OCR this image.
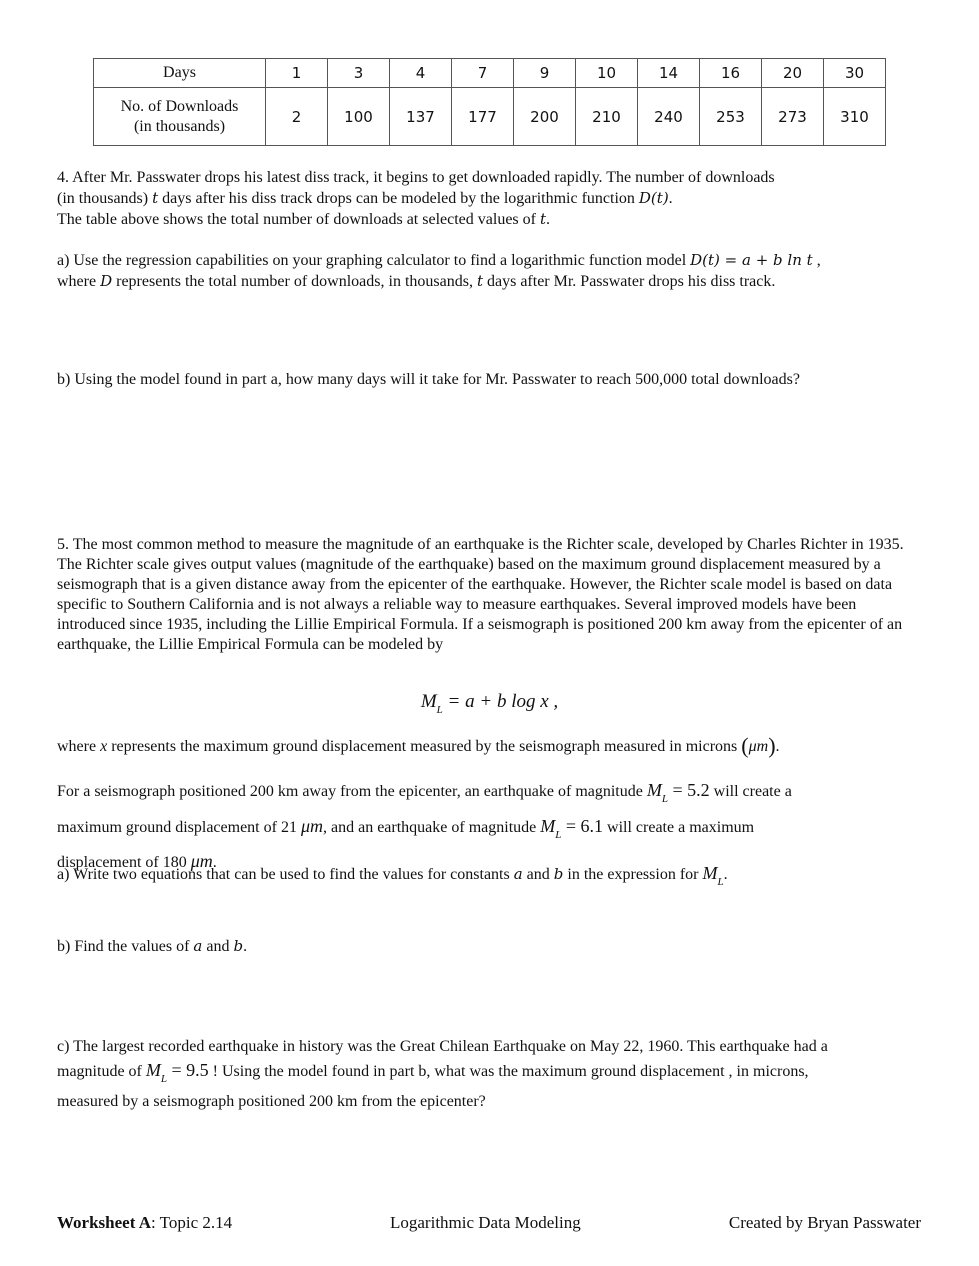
Days	1	3	4	7	9	10	14	16	20	30
No. of Downloads
(in thousands)	2	100	137	177	200	210	240	253	273	310
4. After Mr. Passwater drops his latest diss track, it begins to get downloaded rapidly. The number of downloads
(in thousands) t days after his diss track drops can be modeled by the logarithmic function D(t).
The table above shows the total number of downloads at selected values of t.
a) Use the regression capabilities on your graphing calculator to find a logarithmic function model D(t) = a + b ln t ,
where D represents the total number of downloads, in thousands, t days after Mr. Passwater drops his diss track.
b) Using the model found in part a, how many days will it take for Mr. Passwater to reach 500,000 total downloads?
5. The most common method to measure the magnitude of an earthquake is the Richter scale, developed by Charles Richter in 1935. The Richter scale gives output values (magnitude of the earthquake) based on the maximum ground displacement measured by a seismograph that is a given distance away from the epicenter of the earthquake. However, the Richter scale model is based on data specific to Southern California and is not always a reliable way to measure earthquakes. Several improved models have been introduced since 1935, including the Lillie Empirical Formula. If a seismograph is positioned 200 km away from the epicenter of an earthquake, the Lillie Empirical Formula can be modeled by
$M_L = a + b$ log x ,
where x represents the maximum ground displacement measured by the seismograph measured in microns (μm).
For a seismograph positioned 200 km away from the epicenter, an earthquake of magnitude $M_L = 5.2$ will create a
maximum ground displacement of 21 μm, and an earthquake of magnitude $M_L = 6.1$ will create a maximum
displacement of 180 μm.
a) Write two equations that can be used to find the values for constants a and b in the expression for $M_L$.
b) Find the values of a and b.
c) The largest recorded earthquake in history was the Great Chilean Earthquake on May 22, 1960. This earthquake had a
magnitude of $M_L = 9.5$ ! Using the model found in part b, what was the maximum ground displacement , in microns,
measured by a seismograph positioned 200 km from the epicenter?
Worksheet A: Topic 2.14	Logarithmic Data Modeling	Created by Bryan Passwater
